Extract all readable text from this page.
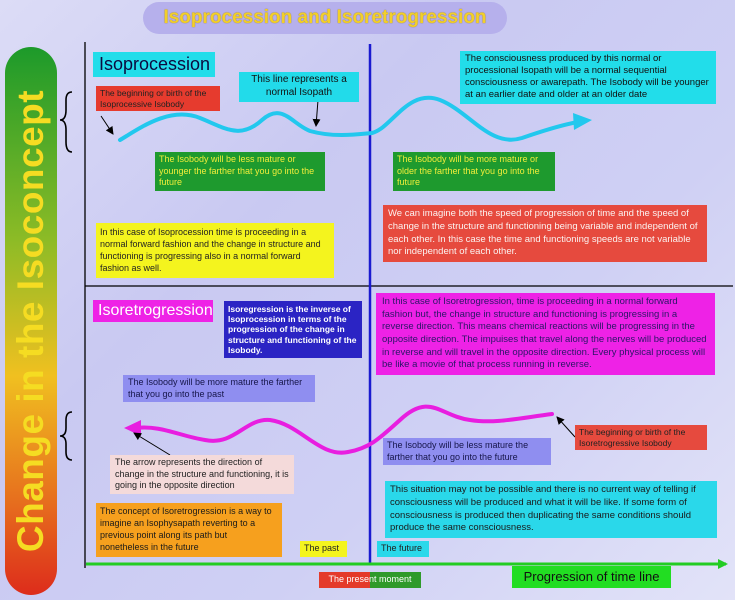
Isoprocession and Isoretrogression
Change in the Isoconcept
Isoprocession
The beginning or birth of the Isoprocessive Isobody
This line represents a normal Isopath
The consciousness produced by this normal or processional Isopath will be a normal sequential consciousness or awarepath. The Isobody will be younger at an earlier date and older at an older date
The Isobody will be less mature or younger the farther that you go into the future
The Isobody will be more mature or older the farther that you go into the future
In this case of Isoprocession time is proceeding in a normal forward fashion and the change in structure and functioning is progressing also in a normal forward fashion as well.
We can imagine both the speed of progression of time and the speed of change in the structure and functioning being variable and independent of each other. In this case the time and functioning speeds are not variable nor independent of each other.
Isoretrogression	Isoregression is the inverse of Isoprocession in terms of the progression of the change in structure and functioning of the Isobody.
In this case of Isoretrogression, time is proceeding in a normal forward fashion but, the change in structure and functioning is progressing in a reverse direction. This means chemical reactions will be progressing in the opposite direction. The impuises that travel along the nerves will be produced in reverse and will travel in the opposite direction. Every physical process will be like a movie of that process running in reverse.
The Isobody will be more mature the farther that you go into the past
The beginning or birth of the Isoretrogressive Isobody
The Isobody will be less mature the farther that you go into the future
The arrow represents the direction of change in the structure and functioning, it is going in the opposite direction
The concept of Isoretrogression is a way to imagine an Isophysapath reverting to a previous point along its path but nonetheless in the future
This situation may not be possible and there is no current way of telling if consciousness will be produced and what it will be like. If some form of consciousness is produced then duplicating the same conditions should produce the same consciousness.
The past	The future
The present moment	Progression of time line
